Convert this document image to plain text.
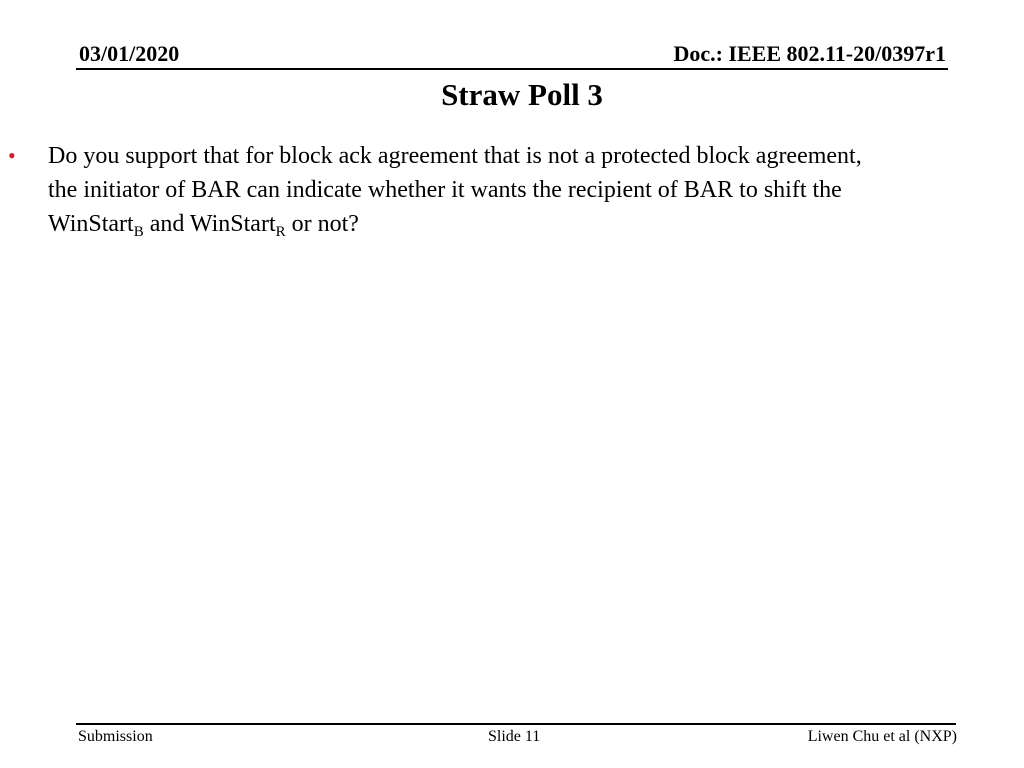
03/01/2020	Doc.: IEEE 802.11-20/0397r1
Straw Poll 3
• Do you support that for block ack agreement that is not a protected block agreement,
the initiator of BAR can indicate whether it wants the recipient of BAR to shift the
WinStart$_B$ and WinStart$_R$ or not?
Submission	Slide 11	Liwen Chu et al (NXP)
